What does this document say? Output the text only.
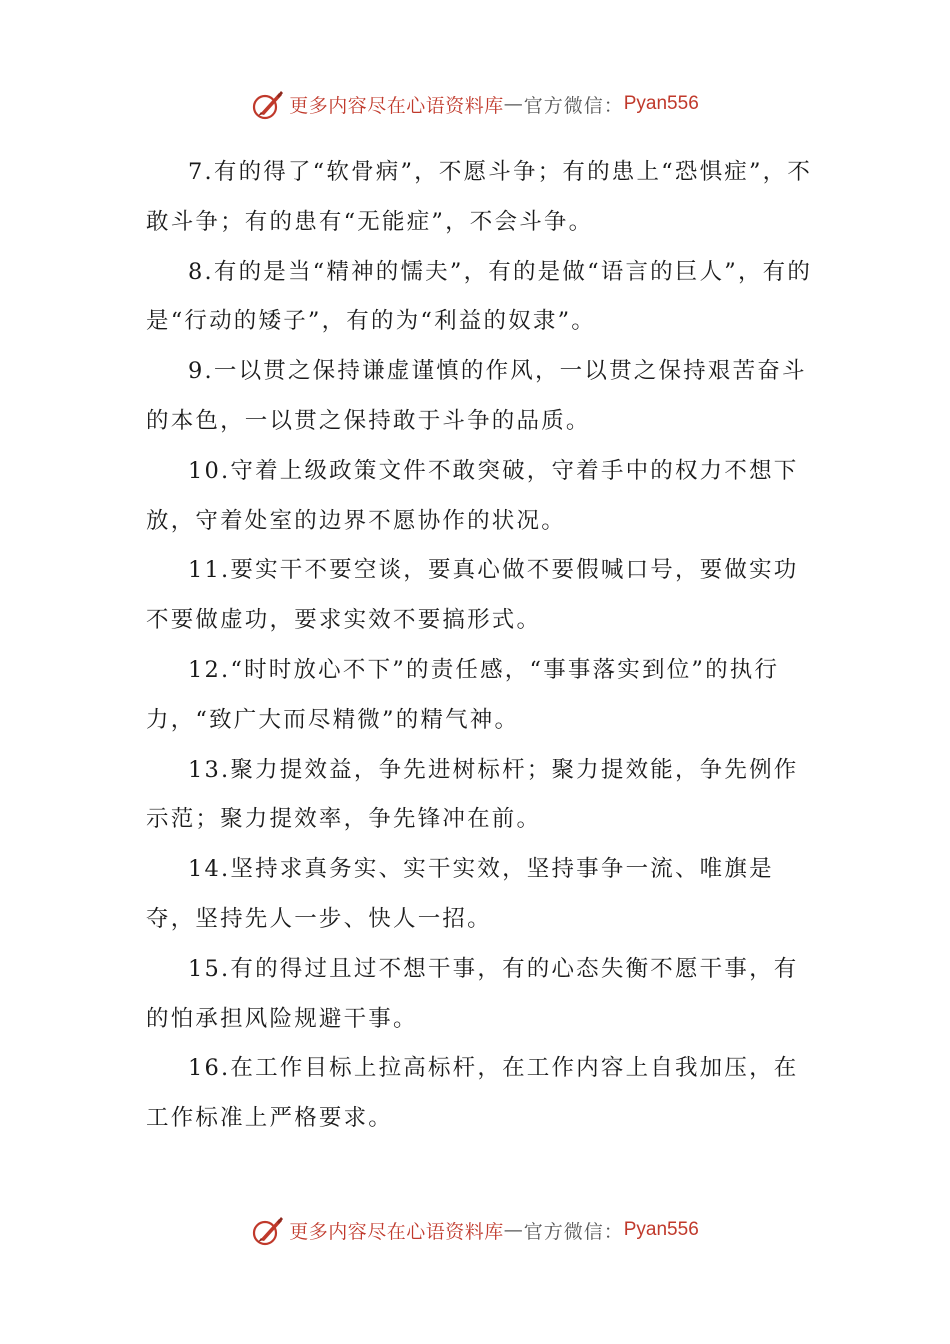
更多内容尽在心语资料库 — 官方微信： Pyan556

7.有的得了“软骨病”，不愿斗争；有的患上“恐惧症”，不敢斗争；有的患有“无能症”，不会斗争。

8.有的是当“精神的懦夫”，有的是做“语言的巨人”，有的是“行动的矮子”，有的为“利益的奴隶”。

9.一以贯之保持谦虚谨慎的作风，一以贯之保持艰苦奋斗的本色，一以贯之保持敢于斗争的品质。

10.守着上级政策文件不敢突破，守着手中的权力不想下放，守着处室的边界不愿协作的状况。

11.要实干不要空谈，要真心做不要假喊口号，要做实功不要做虚功，要求实效不要搞形式。

12.“时时放心不下”的责任感，“事事落实到位”的执行力，“致广大而尽精微”的精气神。

13.聚力提效益，争先进树标杆；聚力提效能，争先例作示范；聚力提效率，争先锋冲在前。

14.坚持求真务实、实干实效，坚持事争一流、唯旗是夺，坚持先人一步、快人一招。

15.有的得过且过不想干事，有的心态失衡不愿干事，有的怕承担风险规避干事。

16.在工作目标上拉高标杆，在工作内容上自我加压，在工作标准上严格要求。

更多内容尽在心语资料库 — 官方微信： Pyan556
